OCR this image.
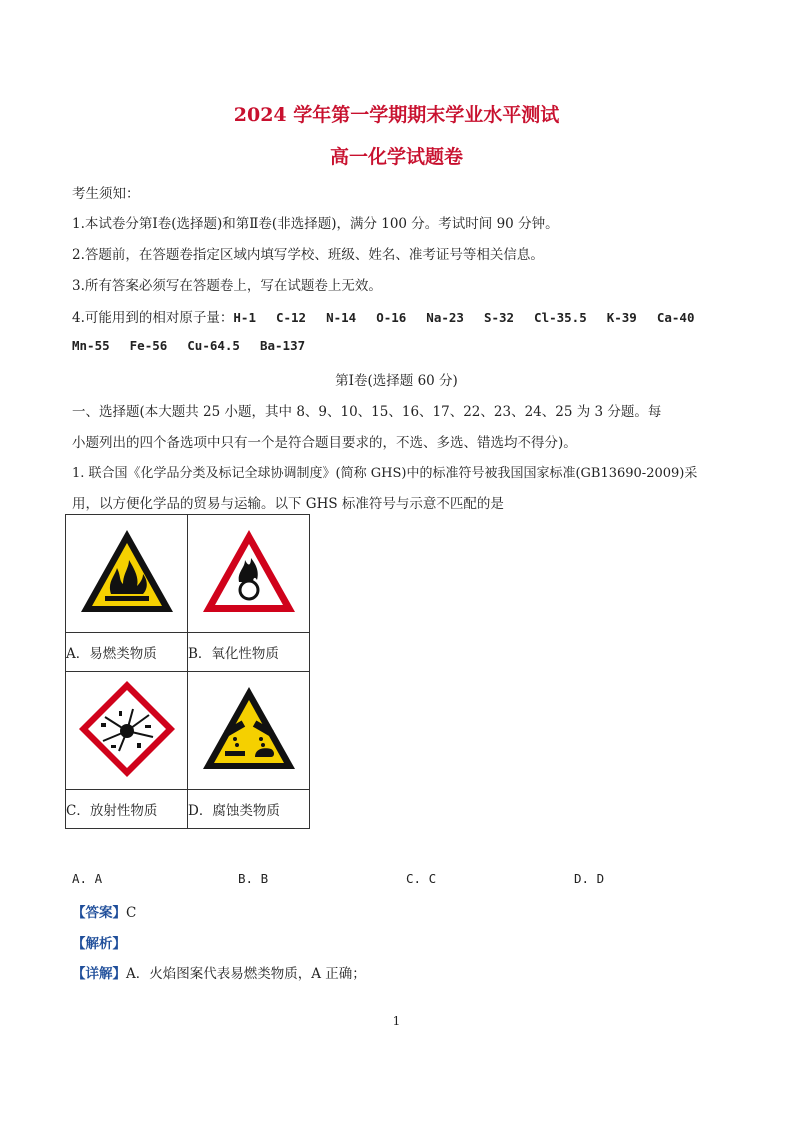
2024 学年第一学期期末学业水平测试
高一化学试题卷
考生须知：
1.本试卷分第Ⅰ卷(选择题)和第Ⅱ卷(非选择题)，满分 100 分。考试时间 90 分钟。
2.答题前，在答题卷指定区域内填写学校、班级、姓名、准考证号等相关信息。
3.所有答案必须写在答题卷上，写在试题卷上无效。
4.可能用到的相对原子量：H-1 C-12 N-14 O-16 Na-23 S-32 Cl-35.5 K-39 Ca-40
Mn-55 Fe-56 Cu-64.5 Ba-137
第Ⅰ卷(选择题 60 分)
一、选择题(本大题共 25 小题，其中 8、9、10、15、16、17、22、23、24、25 为 3 分题。每
小题列出的四个备选项中只有一个是符合题目要求的，不选、多选、错选均不得分)。
1. 联合国《化学品分类及标记全球协调制度》(简称 GHS)中的标准符号被我国国家标准(GB13690-2009)采
用，以方便化学品的贸易与运输。以下 GHS 标准符号与示意不匹配的是

A．易燃类物质	B．氧化性物质

C．放射性物质	D．腐蚀类物质
A. A	B. B	C. C	D. D
【答案】C
【解析】
【详解】A．火焰图案代表易燃类物质，A 正确；
1
